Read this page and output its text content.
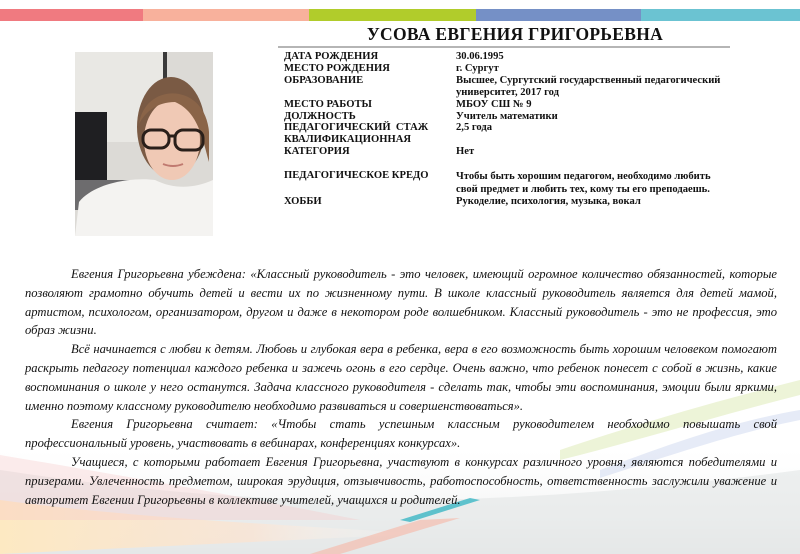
УСОВА ЕВГЕНИЯ ГРИГОРЬЕВНА
ДАТА РОЖДЕНИЯ	30.06.1995
МЕСТО РОЖДЕНИЯ	г. Сургут
ОБРАЗОВАНИЕ	Высшее, Сургутский государственный педагогический университет, 2017 год
МЕСТО РАБОТЫ	МБОУ СШ № 9
ДОЛЖНОСТЬ	Учитель математики
ПЕДАГОГИЧЕСКИЙ  СТАЖ	2,5 года
КВАЛИФИКАЦИОННАЯ КАТЕГОРИЯ	Нет
ПЕДАГОГИЧЕСКОЕ КРЕДО	Чтобы быть хорошим педагогом, необходимо любить свой предмет и любить тех, кому ты его преподаешь.
ХОББИ	Рукоделие, психология, музыка, вокал

Евгения Григорьевна убеждена: «Классный руководитель - это человек, имеющий огромное количество обязанностей, которые позволяют грамотно обучить детей и вести их по жизненному пути. В школе классный руководитель является для детей мамой, артистом, психологом, организатором, другом и даже в некотором роде волшебником. Классный руководитель - это не профессия, это образ жизни.

Всё начинается с любви к детям. Любовь и глубокая вера в ребенка, вера в его возможность быть хорошим человеком помогают раскрыть педагогу потенциал каждого ребенка и зажечь огонь в его сердце. Очень важно, что ребенок понесет с собой в жизнь, какие воспоминания о школе у него останутся. Задача классного руководителя - сделать так, чтобы эти воспоминания, эмоции были яркими, именно поэтому классному руководителю необходимо развиваться и совершенствоваться».

Евгения Григорьевна считает: «Чтобы стать успешным классным руководителем необходимо повышать свой профессиональный уровень, участвовать в вебинарах, конференциях конкурсах».

Учащиеся, с которыми работает Евгения Григорьевна, участвуют в конкурсах различного уровня, являются победителями и призерами. Увлеченность предметом, широкая эрудиция, отзывчивость, работоспособность, ответственность заслужили уважение и авторитет Евгении Григорьевны в коллективе учителей, учащихся и родителей.
